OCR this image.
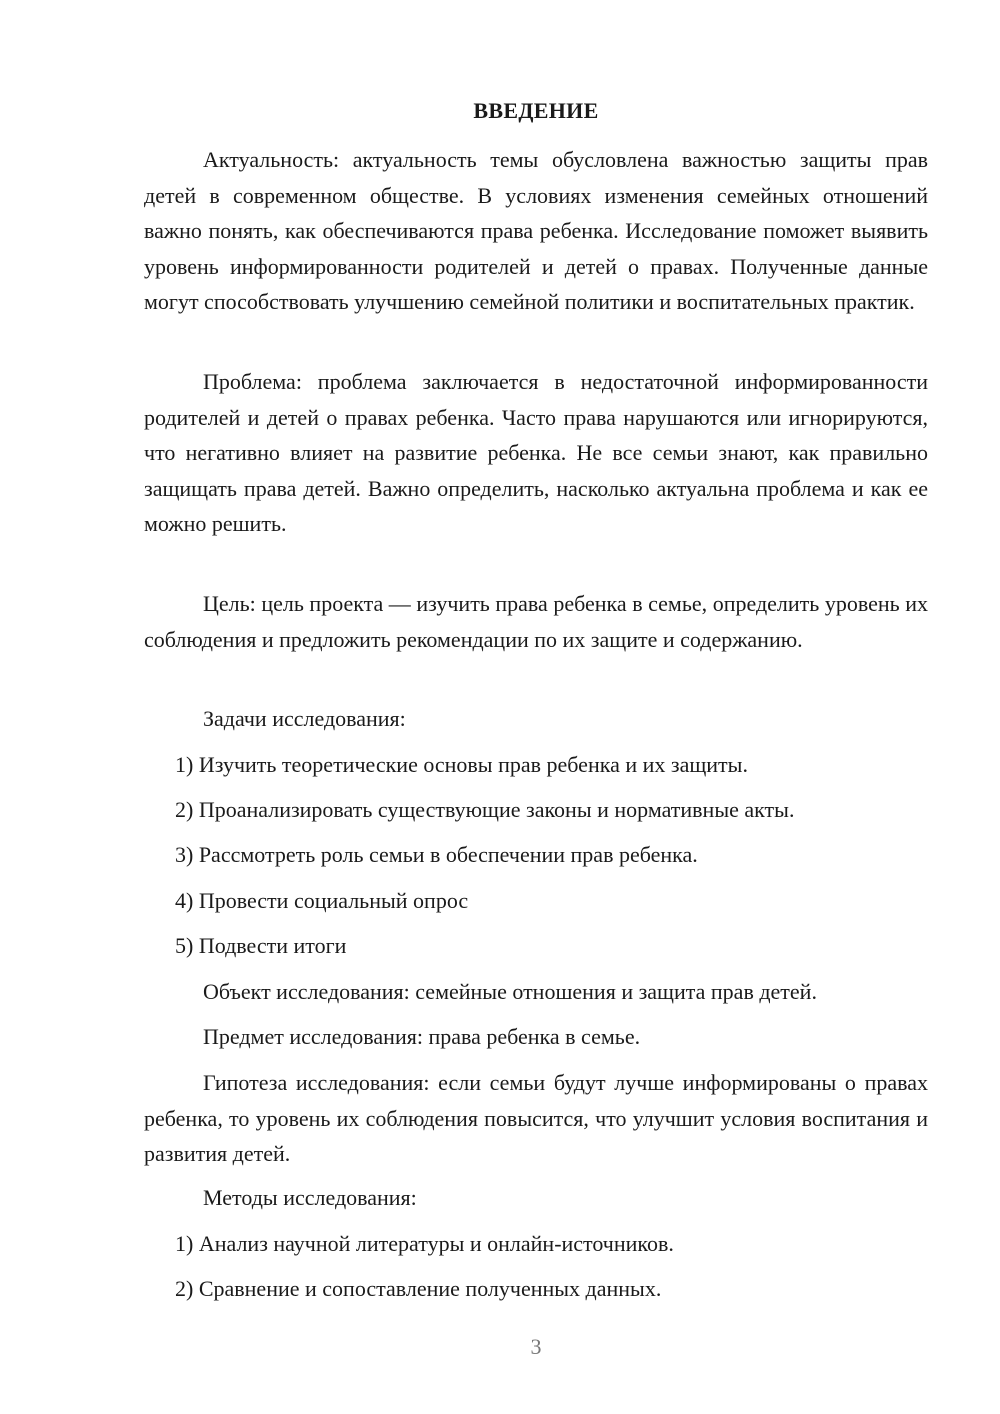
ВВЕДЕНИЕ

Актуальность: актуальность темы обусловлена важностью защиты прав детей в современном обществе. В условиях изменения семейных отношений важно понять, как обеспечиваются права ребенка. Исследование поможет выявить уровень информированности родителей и детей о правах. Полученные данные могут способствовать улучшению семейной политики и воспитательных практик.

Проблема: проблема заключается в недостаточной информированности родителей и детей о правах ребенка. Часто права нарушаются или игнорируются, что негативно влияет на развитие ребенка. Не все семьи знают, как правильно защищать права детей. Важно определить, насколько актуальна проблема и как ее можно решить.

Цель: цель проекта — изучить права ребенка в семье, определить уровень их соблюдения и предложить рекомендации по их защите и содержанию.

Задачи исследования:
1) Изучить теоретические основы прав ребенка и их защиты.
2) Проанализировать существующие законы и нормативные акты.
3) Рассмотреть роль семьи в обеспечении прав ребенка.
4) Провести социальный опрос
5) Подвести итоги
Объект исследования: семейные отношения и защита прав детей.
Предмет исследования: права ребенка в семье.

Гипотеза исследования: если семьи будут лучше информированы о правах ребенка, то уровень их соблюдения повысится, что улучшит условия воспитания и развития детей.

Методы исследования:
1) Анализ научной литературы и онлайн-источников.
2) Сравнение и сопоставление полученных данных.
3
